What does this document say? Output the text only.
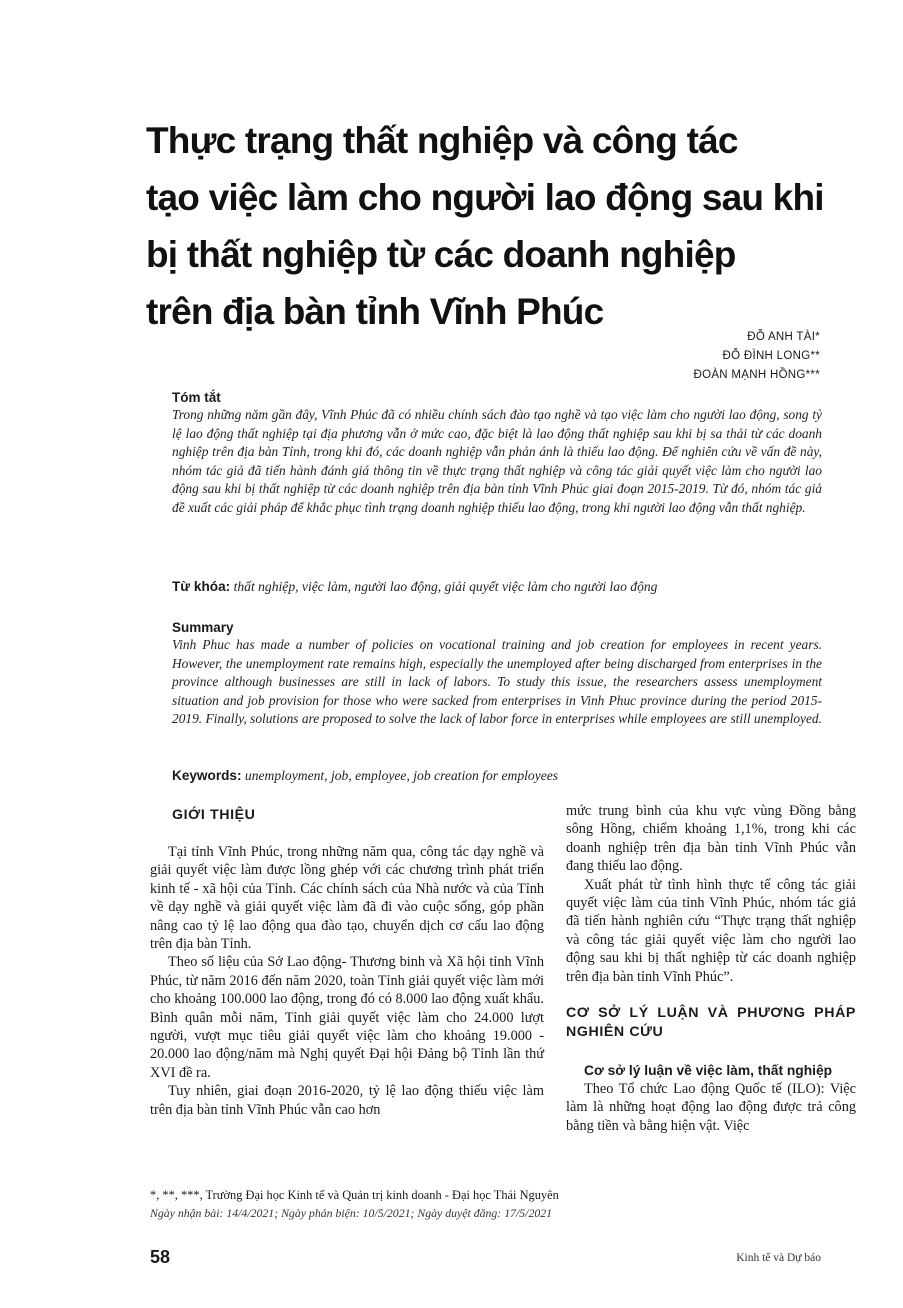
Thực trạng thất nghiệp và công tác
tạo việc làm cho người lao động sau khi
bị thất nghiệp từ các doanh nghiệp
trên địa bàn tỉnh Vĩnh Phúc
ĐỖ ANH TÀI*
ĐỖ ĐÌNH LONG**
ĐOÀN MẠNH HỒNG***
Tóm tắt
Trong những năm gần đây, Vĩnh Phúc đã có nhiều chính sách đào tạo nghề và tạo việc làm cho người lao động, song tỷ lệ lao động thất nghiệp tại địa phương vẫn ở mức cao, đặc biệt là lao động thất nghiệp sau khi bị sa thải từ các doanh nghiệp trên địa bàn Tỉnh, trong khi đó, các doanh nghiệp vẫn phản ánh là thiếu lao động. Để nghiên cứu về vấn đề này, nhóm tác giả đã tiến hành đánh giá thông tin về thực trạng thất nghiệp và công tác giải quyết việc làm cho người lao động sau khi bị thất nghiệp từ các doanh nghiệp trên địa bàn tỉnh Vĩnh Phúc giai đoạn 2015-2019. Từ đó, nhóm tác giả đề xuất các giải pháp để khắc phục tình trạng doanh nghiệp thiếu lao động, trong khi người lao động vẫn thất nghiệp.
Từ khóa: thất nghiệp, việc làm, người lao động, giải quyết việc làm cho người lao động
Summary
Vinh Phuc has made a number of policies on vocational training and job creation for employees in recent years. However, the unemployment rate remains high, especially the unemployed after being discharged from enterprises in the province although businesses are still in lack of labors. To study this issue, the researchers assess unemployment situation and job provision for those who were sacked from enterprises in Vinh Phuc province during the period 2015-2019. Finally, solutions are proposed to solve the lack of labor force in enterprises while employees are still unemployed.
Keywords: unemployment, job, employee, job creation for employees
GIỚI THIỆU

Tại tỉnh Vĩnh Phúc, trong những năm qua, công tác dạy nghề và giải quyết việc làm được lồng ghép với các chương trình phát triển kinh tế - xã hội của Tỉnh. Các chính sách của Nhà nước và của Tỉnh về dạy nghề và giải quyết việc làm đã đi vào cuộc sống, góp phần nâng cao tỷ lệ lao động qua đào tạo, chuyển dịch cơ cấu lao động trên địa bàn Tỉnh.

Theo số liệu của Sở Lao động- Thương binh và Xã hội tỉnh Vĩnh Phúc, từ năm 2016 đến năm 2020, toàn Tỉnh giải quyết việc làm mới cho khoảng 100.000 lao động, trong đó có 8.000 lao động xuất khẩu. Bình quân mỗi năm, Tỉnh giải quyết việc làm cho 24.000 lượt người, vượt mục tiêu giải quyết việc làm cho khoảng 19.000 - 20.000 lao động/năm mà Nghị quyết Đại hội Đảng bộ Tỉnh lần thứ XVI đề ra.

Tuy nhiên, giai đoạn 2016-2020, tỷ lệ lao động thiếu việc làm trên địa bàn tỉnh Vĩnh Phúc vẫn cao hơn

mức trung bình của khu vực vùng Đồng bằng sông Hồng, chiếm khoảng 1,1%, trong khi các doanh nghiệp trên địa bàn tỉnh Vĩnh Phúc vẫn đang thiếu lao động.

Xuất phát từ tình hình thực tế công tác giải quyết việc làm của tỉnh Vĩnh Phúc, nhóm tác giả đã tiến hành nghiên cứu “Thực trạng thất nghiệp và công tác giải quyết việc làm cho người lao động sau khi bị thất nghiệp từ các doanh nghiệp trên địa bàn tỉnh Vĩnh Phúc”.

CƠ SỞ LÝ LUẬN VÀ PHƯƠNG PHÁP NGHIÊN CỨU
Cơ sở lý luận về việc làm, thất nghiệp

Theo Tổ chức Lao động Quốc tế (ILO): Việc làm là những hoạt động lao động được trả công bằng tiền và bằng hiện vật. Việc

*, **, ***, Trường Đại học Kinh tế và Quản trị kinh doanh - Đại học Thái Nguyên
Ngày nhận bài: 14/4/2021; Ngày phản biện: 10/5/2021; Ngày duyệt đăng: 17/5/2021
58	Kinh tế và Dự báo
